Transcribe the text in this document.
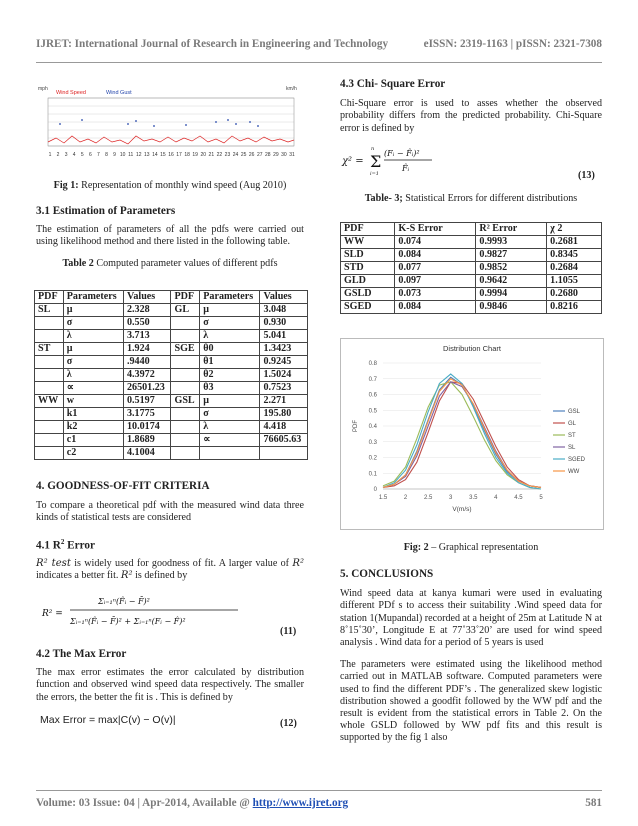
IJRET: International Journal of Research in Engineering and Technology	eISSN: 2319-1163 | pISSN: 2321-7308
mph	km/h
Wind Speed	Wind Gust
1 2 3 4 5 6 7 8 9 10 11 12 13 14 15 16 17 18 19 20 21 22 23 24 25 26 27 28 29 30 31
Fig 1: Representation of monthly wind speed (Aug 2010)
3.1 Estimation of Parameters

The estimation of parameters of all the pdfs were carried out using likelihood method and there listed in the following table.

Table 2 Computed parameter values of different pdfs

PDF	Parameters	Values	PDF	Parameters	Values
SL	μ	2.328	GL	μ	3.048
	σ	0.550		σ	0.930
	λ	3.713		λ	5.041
ST	μ	1.924	SGE	θ0	1.3423
	σ	.9440		θ1	0.9245
	λ	4.3972		θ2	1.5024
	∝	26501.23		θ3	0.7523
WW	w	0.5197	GSL	μ	2.271
	k1	3.1775		σ	195.80
	k2	10.0174		λ	4.418
	c1	1.8689		∝	76605.63
	c2	4.1004			
4. GOODNESS-OF-FIT CRITERIA

To compare a theoretical pdf with the measured wind data three kinds of statistical tests are considered

4.1 $R^2$ Error

R² test is widely used for goodness of fit. A larger value of R² indicates a better fit. R² is defined by

R² =
Σᵢ₌₁ⁿ(F̂ᵢ − F̄)²
Σᵢ₌₁ⁿ(F̂ᵢ − F̄)² + Σᵢ₌₁ⁿ(Fᵢ − F̂)²
(11)
4.2 The Max Error

The max error estimates the error calculated by distribution function and observed wind speed data respectively. The smaller the errors, the better the fit is . This is defined by

Max Error = max|C(v) − O(v)|	(12)
4.3 Chi- Square Error

Chi-Square error is used to asses whether the observed probability differs from the predicted probability. Chi-Square error is defined by

χ² = Σ
n
i=1
(Fᵢ − F̂ᵢ)²
F̂ᵢ
(13)
Table- 3; Statistical Errors for different distributions
PDF	K-S Error	R² Error	χ 2
WW	0.074	0.9993	0.2681
SLD	0.084	0.9827	0.8345
STD	0.077	0.9852	0.2684
GLD	0.097	0.9642	1.1055
GSLD	0.073	0.9994	0.2680
SGED	0.084	0.9846	0.8216
Distribution Chart
0
0.1
0.2
0.3
0.4
0.5
0.6
0.7
0.8
1.5	2	2.5	3	3.5	4	4.5	5
V(m/s)
PDF
GSL
GL
ST
SL
SGED
WW
Fig: 2 – Graphical representation
5. CONCLUSIONS

Wind speed data at kanya kumari were used in evaluating different PDf s to access their suitability .Wind speed data for station 1(Mupandal) recorded at a height of 25m at Latitude N at 8˚15˚30’, Longitude E at 77˚33˚20’ are used for wind speed analysis . Wind data for a period of 5 years is used

The parameters were estimated using the likelihood method carried out in MATLAB software. Computed parameters were used to find the different PDF’s . The generalized skew logistic distribution showed a goodfit followed by the WW pdf and the result is evident from the statistical errors in Table 2. On the whole GSLD followed by WW pdf fits and this result is supported by the fig 1 also

Volume: 03 Issue: 04 | Apr-2014, Available @ http://www.ijret.org	581
